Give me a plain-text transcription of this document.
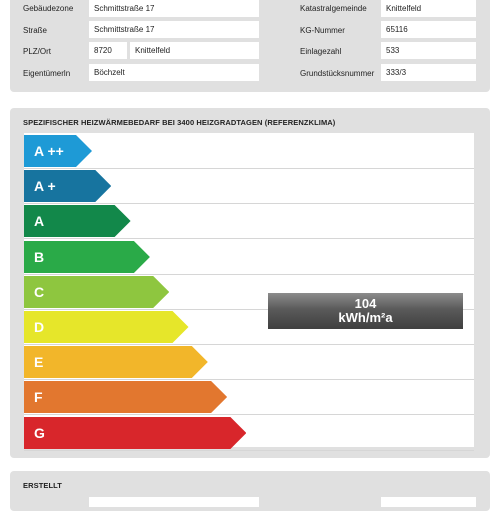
Gebäudezone	Schmittstraße 17
Straße	Schmittstraße 17
PLZ/Ort	8720	Knittelfeld
Eigentümerln	Böchzelt
Katastralgemeinde	Knittelfeld
KG-Nummer	65116
Einlagezahl	533
Grundstücksnummer	333/3
SPEZIFISCHER HEIZWÄRMEBEDARF BEI 3400 HEIZGRADTAGEN (REFERENZKLIMA)
A ++
A +
A
B
C
D
E
F
G
104
kWh/m²a
ERSTELLT
